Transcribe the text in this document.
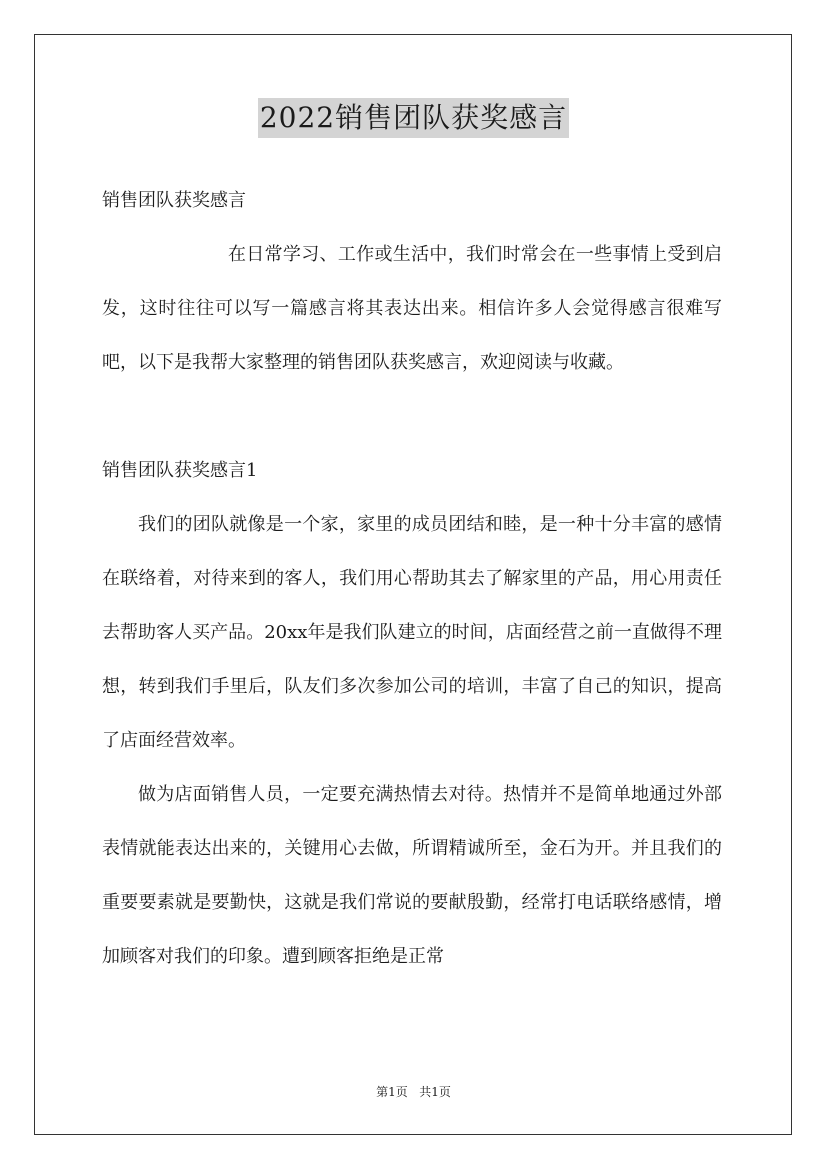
2022销售团队获奖感言

销售团队获奖感言

在日常学习、工作或生活中，我们时常会在一些事情上受到启发，这时往往可以写一篇感言将其表达出来。相信许多人会觉得感言很难写吧，以下是我帮大家整理的销售团队获奖感言，欢迎阅读与收藏。

销售团队获奖感言1

我们的团队就像是一个家，家里的成员团结和睦，是一种十分丰富的感情在联络着，对待来到的客人，我们用心帮助其去了解家里的产品，用心用责任去帮助客人买产品。20xx年是我们队建立的时间，店面经营之前一直做得不理想，转到我们手里后，队友们多次参加公司的培训，丰富了自己的知识，提高了店面经营效率。

做为店面销售人员，一定要充满热情去对待。热情并不是简单地通过外部表情就能表达出来的，关键用心去做，所谓精诚所至，金石为开。并且我们的重要要素就是要勤快，这就是我们常说的要献殷勤，经常打电话联络感情，增加顾客对我们的印象。遭到顾客拒绝是正常

第1页 共1页
